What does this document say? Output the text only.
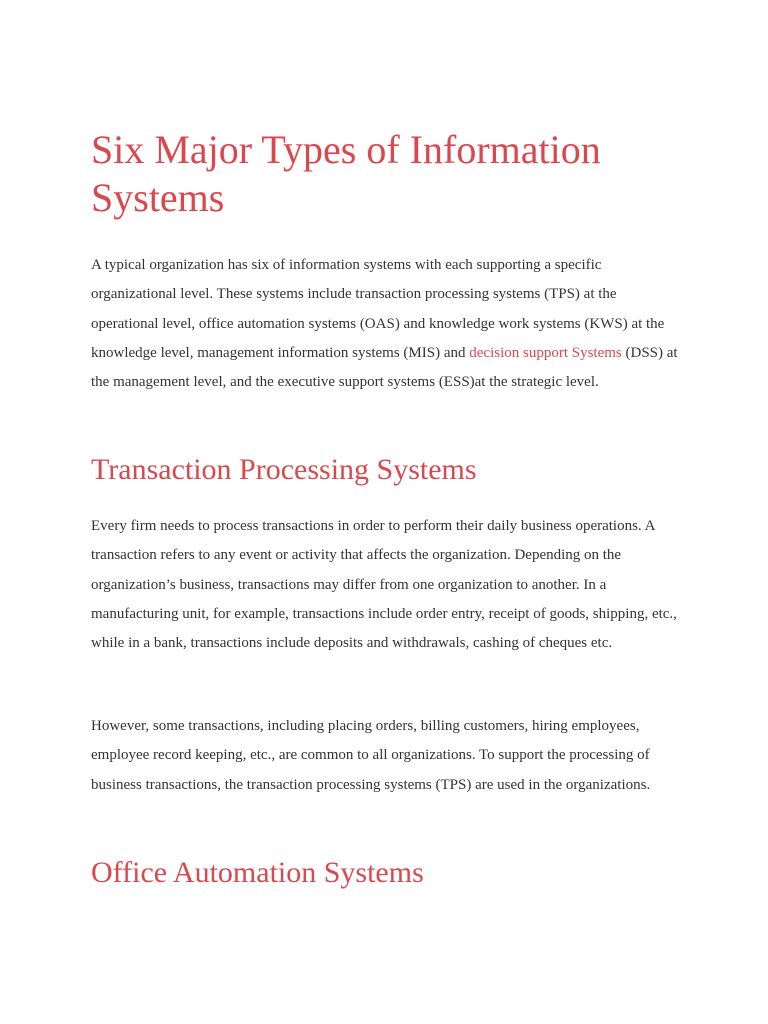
Six Major Types of Information Systems

A typical organization has six of information systems with each supporting a specific organizational level. These systems include transaction processing systems (TPS) at the operational level, office automation systems (OAS) and knowledge work systems (KWS) at the knowledge level, management information systems (MIS) and decision support Systems (DSS) at the management level, and the executive support systems (ESS)at the strategic level.

Transaction Processing Systems

Every firm needs to process transactions in order to perform their daily business operations. A transaction refers to any event or activity that affects the organization. Depending on the organization’s business, transactions may differ from one organization to another. In a manufacturing unit, for example, transactions include order entry, receipt of goods, shipping, etc., while in a bank, transactions include deposits and withdrawals, cashing of cheques etc.

However, some transactions, including placing orders, billing customers, hiring employees, employee record keeping, etc., are common to all organizations. To support the processing of business transactions, the transaction processing systems (TPS) are used in the organizations.

Office Automation Systems
